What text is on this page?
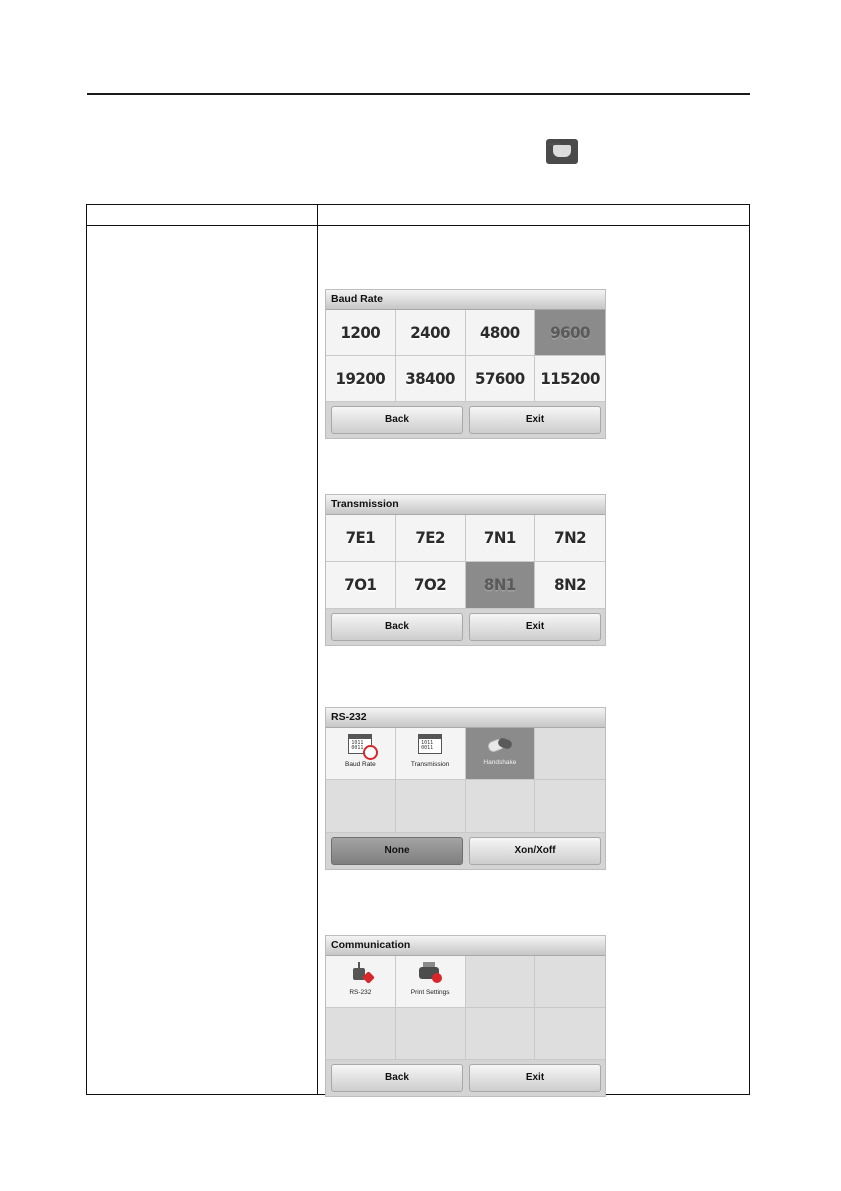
Baud Rate
1200 2400 4800 9600
19200 38400 57600 115200
Back	Exit
Transmission
7E1	7E2	7N1	7N2
7O1	7O2	8N1	8N2
Back	Exit
RS-232
1011
0011
Baud Rate
1011
0011
Transmission	Handshake
None	Xon/Xoff
Communication
RS-232	Print Settings
Back	Exit
